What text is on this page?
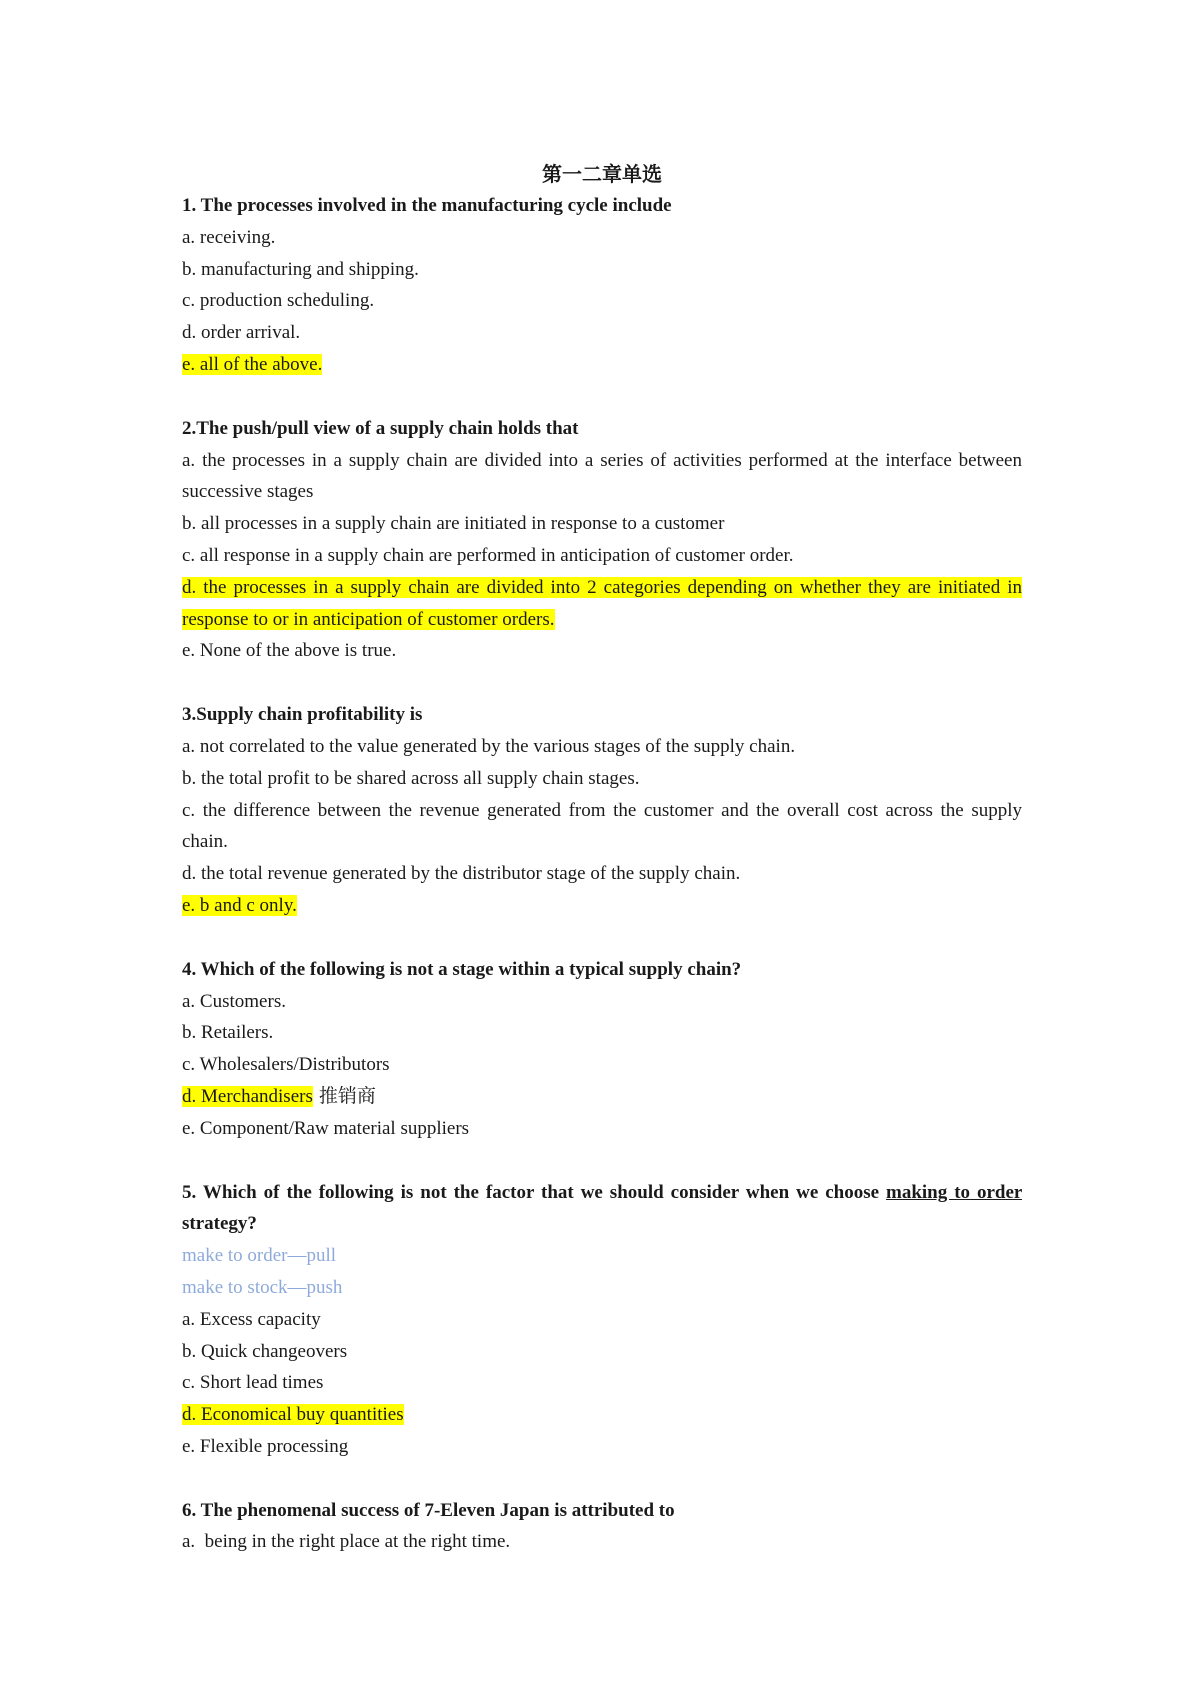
第一二章单选

1. The processes involved in the manufacturing cycle include

a. receiving.

b. manufacturing and shipping.

c. production scheduling.

d. order arrival.

e. all of the above.

2.The push/pull view of a supply chain holds that

a. the processes in a supply chain are divided into a series of activities performed at the interface between successive stages

b. all processes in a supply chain are initiated in response to a customer

c. all response in a supply chain are performed in anticipation of customer order.

d. the processes in a supply chain are divided into 2 categories depending on whether they are initiated in response to or in anticipation of customer orders.

e. None of the above is true.

3.Supply chain profitability is

a. not correlated to the value generated by the various stages of the supply chain.

b. the total profit to be shared across all supply chain stages.

c. the difference between the revenue generated from the customer and the overall cost across the supply chain.

d. the total revenue generated by the distributor stage of the supply chain.

e. b and c only.

4. Which of the following is not a stage within a typical supply chain?

a. Customers.

b. Retailers.

c. Wholesalers/Distributors

d. Merchandisers 推销商

e. Component/Raw material suppliers

5. Which of the following is not the factor that we should consider when we choose making to order strategy?

make to order—pull

make to stock—push

a. Excess capacity

b. Quick changeovers

c. Short lead times

d. Economical buy quantities

e. Flexible processing

6. The phenomenal success of 7-Eleven Japan is attributed to

a.  being in the right place at the right time.
